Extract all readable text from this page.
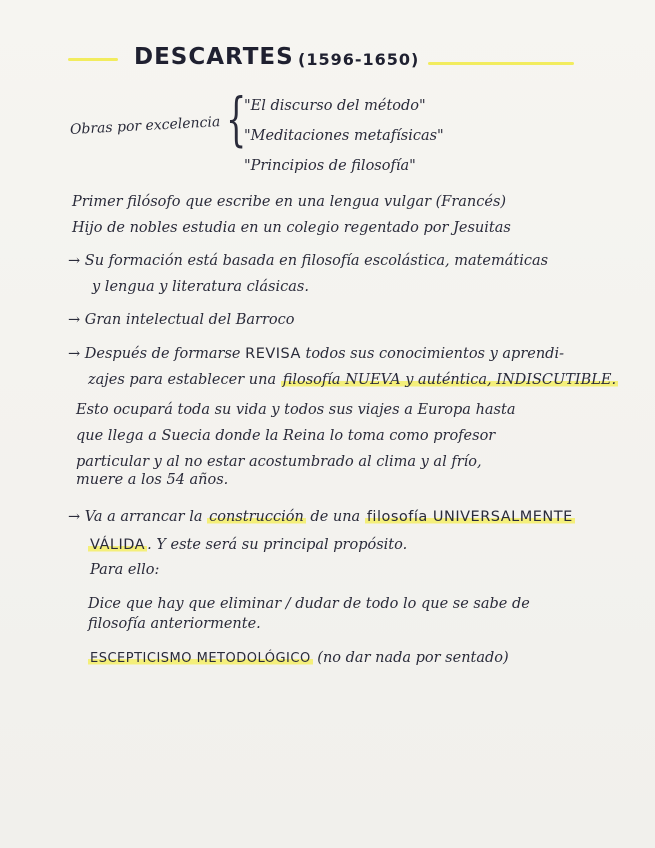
DESCARTES (1596-1650)
Obras por excelencia {
"El discurso del método"
"Meditaciones metafísicas"
"Principios de filosofía"
Primer filósofo que escribe en una lengua vulgar (Francés)
Hijo de nobles estudia en un colegio regentado por Jesuitas
→ Su formación está basada en filosofía escolástica, matemáticas
y lengua y literatura clásicas.
→ Gran intelectual del Barroco
→ Después de formarse REVISA todos sus conocimientos y aprendi-
zajes para establecer una filosofía NUEVA y auténtica, INDISCUTIBLE.
Esto ocupará toda su vida y todos sus viajes a Europa hasta
que llega a Suecia donde la Reina lo toma como profesor
particular y al no estar acostumbrado al clima y al frío,
muere a los 54 años.
→ Va a arrancar la construcción de una filosofía UNIVERSALMENTE
VÁLIDA . Y este será su principal propósito.
Para ello:
Dice que hay que eliminar / dudar de todo lo que se sabe de
filosofía anteriormente.
ESCEPTICISMO METODOLÓGICO (no dar nada por sentado)
